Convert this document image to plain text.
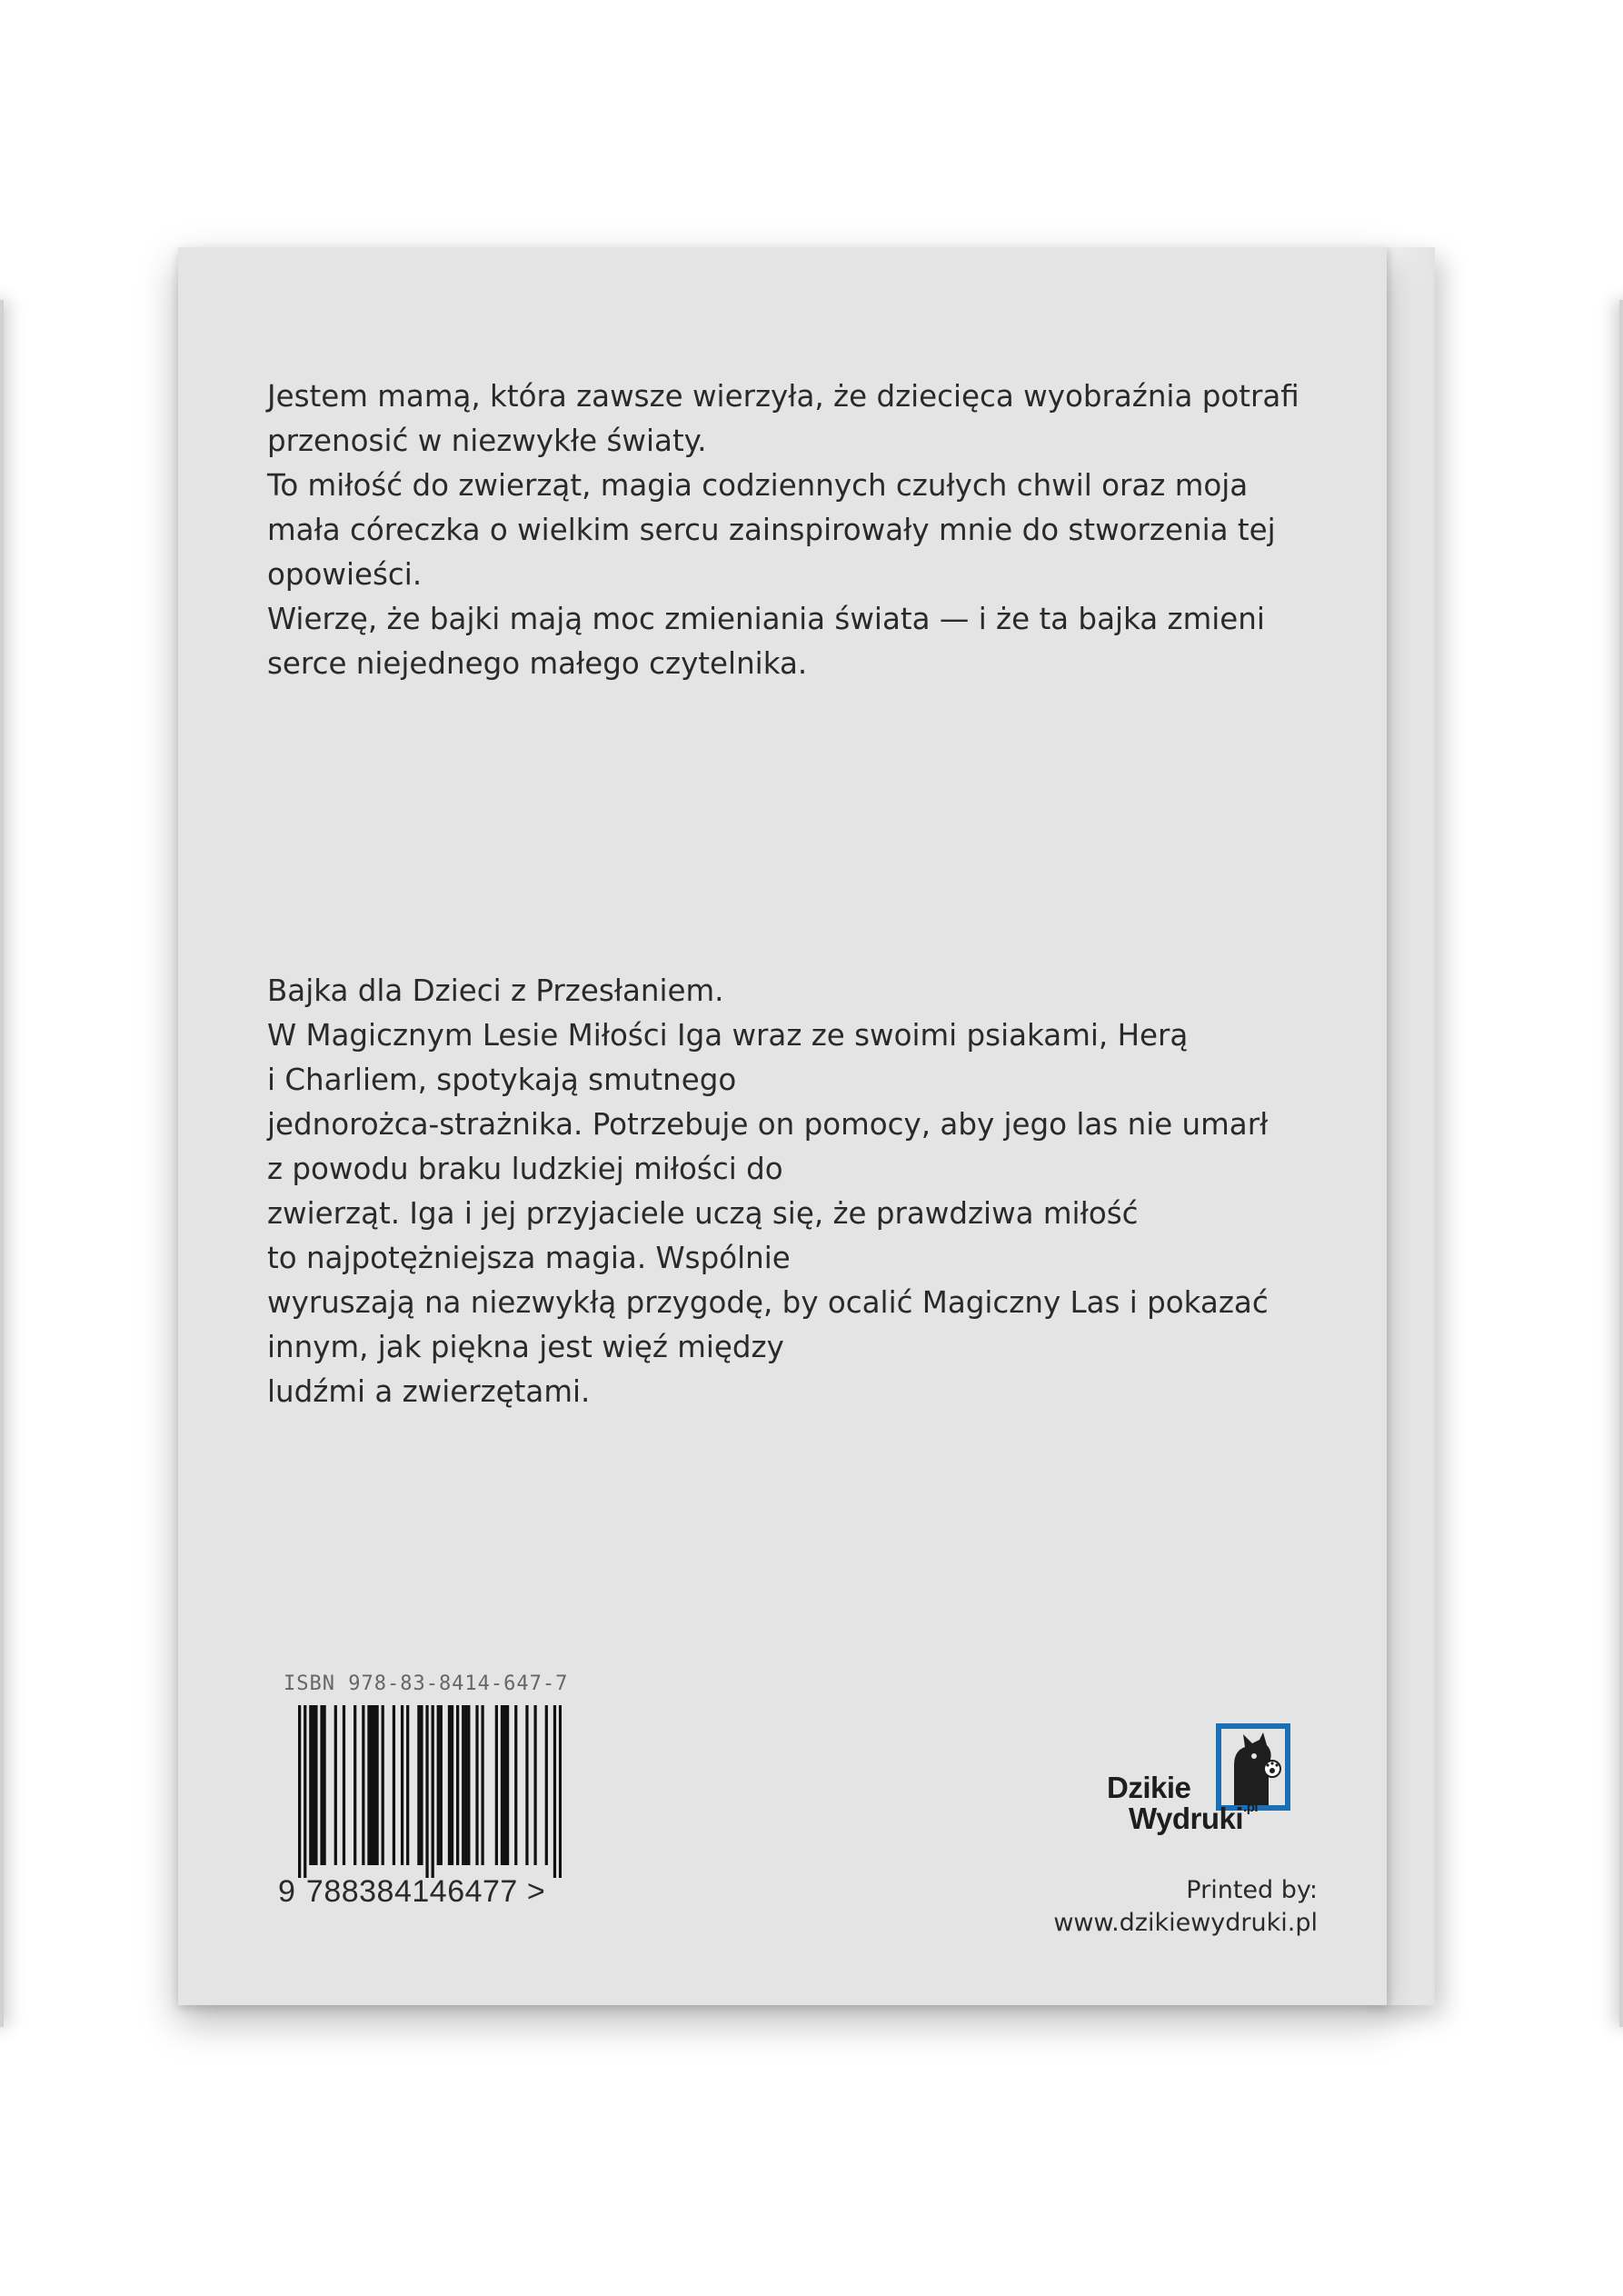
Jestem mamą, która zawsze wierzyła, że dziecięca wyobraźnia potrafi
przenosić w niezwykłe światy.
To miłość do zwierząt, magia codziennych czułych chwil oraz moja
mała córeczka o wielkim sercu zainspirowały mnie do stworzenia tej
opowieści.
Wierzę, że bajki mają moc zmieniania świata — i że ta bajka zmieni
serce niejednego małego czytelnika.
Bajka dla Dzieci z Przesłaniem.
W Magicznym Lesie Miłości Iga wraz ze swoimi psiakami, Herą
i Charliem, spotykają smutnego
jednorożca-strażnika. Potrzebuje on pomocy, aby jego las nie umarł
z powodu braku ludzkiej miłości do
zwierząt. Iga i jej przyjaciele uczą się, że prawdziwa miłość
to najpotężniejsza magia. Wspólnie
wyruszają na niezwykłą przygodę, by ocalić Magiczny Las i pokazać
innym, jak piękna jest więź między
ludźmi a zwierzętami.
ISBN 978-83-8414-647-7
9 788384146477 >
Dzikie
Wydruki$^{.pl}$
Printed by:
www.dzikiewydruki.pl
